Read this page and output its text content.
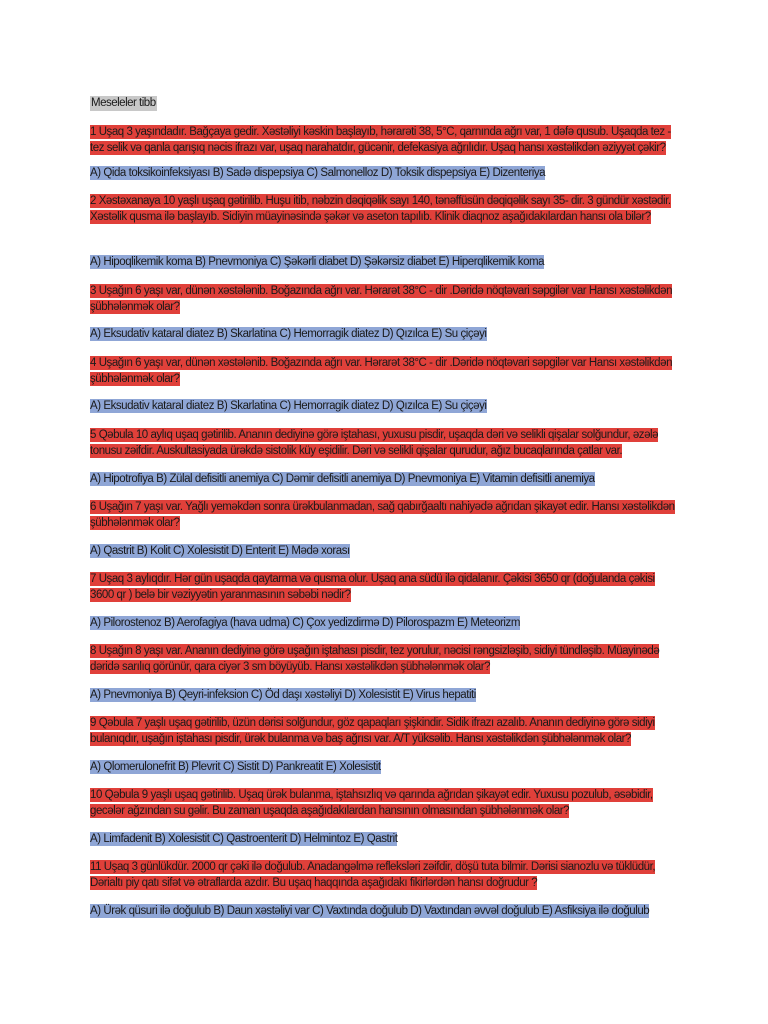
Meseleler tibb
1 Uşaq 3 yaşındadır. Bağçaya gedir. Xəstəliyi kəskin başlayıb, hərarəti 38, 5°C, qarnında ağrı var, 1 dəfə qusub. Uşaqda tez - tez selik və qanla qarışıq nəcis ifrazı var, uşaq narahatdır, gücənir, defekasiya ağrılıdır. Uşaq hansı xəstəlikdən əziyyət çəkir?
A) Qida toksikoinfeksiyası B) Sadə dispepsiya C) Salmonelloz D) Toksik dispepsiya E) Dizenteriya
2 Xəstəxanaya 10 yaşlı uşaq gətirilib. Huşu itib, nəbzin dəqiqəlik sayı 140, tənəffüsün dəqiqəlik sayı 35- dir. 3 gündür xəstədir. Xəstəlik qusma ilə başlayıb. Sidiyin müayinəsində şəkər və aseton tapılıb. Klinik diaqnoz aşağıdakılardan hansı ola bilər?
A) Hipoqlikemik koma B) Pnevmoniya C) Şəkərli diabet D) Şəkərsiz diabet E) Hiperqlikemik koma
3 Uşağın 6 yaşı var, dünən xəstələnib. Boğazında ağrı var. Hərarət 38°C - dir .Dəridə nöqtəvari səpgilər var Hansı xəstəlikdən şübhələnmək olar?
A) Eksudativ kataral diatez B) Skarlatina C) Hemorragik diatez D) Qızılca E) Su çiçəyi
4 Uşağın 6 yaşı var, dünən xəstələnib. Boğazında ağrı var. Hərarət 38°C - dir .Dəridə nöqtəvari səpgilər var Hansı xəstəlikdən şübhələnmək olar?
A) Eksudativ kataral diatez B) Skarlatina C) Hemorragik diatez D) Qızılca E) Su çiçəyi
5 Qəbula 10 aylıq uşaq gətirilib. Ananın dediyinə görə iştahası, yuxusu pisdir, uşaqda dəri və selikli qişalar solğundur, əzələ tonusu zəifdir. Auskultasiyada ürəkdə sistolik küy eşidilir. Dəri və selikli qişalar qurudur, ağız bucaqlarında çatlar var.
A) Hipotrofiya B) Zülal defisitli anemiya C) Dəmir defisitli anemiya D) Pnevmoniya E) Vitamin defisitli anemiya
6 Uşağın 7 yaşı var. Yağlı yeməkdən sonra ürəkbulanmadan, sağ qabırğaaltı nahiyədə ağrıdan şikayət edir. Hansı xəstəlikdən şübhələnmək olar?
A) Qastrit B) Kolit C) Xolesistit D) Enterit E) Mədə xorası
7 Uşaq 3 aylıqdır. Hər gün uşaqda qaytarma və qusma olur. Uşaq ana südü ilə qidalanır. Çəkisi 3650 qr (doğulanda çəkisi 3600 qr ) belə bir vəziyyətin yaranmasının səbəbi nədir?
A) Pilorostenoz B) Aerofagiya (hava udma) C) Çox yedizdirmə D) Pilorospazm E) Meteorizm
8 Uşağın 8 yaşı var. Ananın dediyinə görə uşağın iştahası pisdir, tez yorulur, nəcisi rəngsizləşib, sidiyi tündləşib. Müayinədə dəridə sarılıq görünür, qara ciyər 3 sm böyüyüb. Hansı xəstəlikdən şübhələnmək olar?
A) Pnevmoniya B) Qeyri-infeksion C) Öd daşı xəstəliyi D) Xolesistit E) Virus hepatiti
9 Qəbula 7 yaşlı uşaq gətirilib, üzün dərisi solğundur, göz qapaqları şişkindir. Sidik ifrazı azalıb. Ananın dediyinə görə sidiyi bulanıqdır, uşağın iştahası pisdir, ürək bulanma və baş ağrısı var. A/T yüksəlib. Hansı xəstəlikdən şübhələnmək olar?
A) Qlomerulonefrit B) Plevrit C) Sistit D) Pankreatit E) Xolesistit
10 Qəbula 9 yaşlı uşaq gətirilib. Uşaq ürək bulanma, iştahsızlıq və qarında ağrıdan şikayət edir. Yuxusu pozulub, əsəbidir, gecələr ağzından su gəlir. Bu zaman uşaqda aşağıdakılardan hansının olmasından şübhələnmək olar?
A) Limfadenit B) Xolesistit C) Qastroenterit D) Helmintoz E) Qastrit
11 Uşaq 3 günlükdür. 2000 qr çəki ilə doğulub. Anadangəlmə refleksləri zəifdir, döşü tuta bilmir. Dərisi sianozlu və tüklüdür, Dərialtı piy qatı sifət və ətraflarda azdır. Bu uşaq haqqında aşağıdakı fikirlərdən hansı doğrudur ?
A) Ürək qüsuri ilə doğulub B) Daun xəstəliyi var C) Vaxtında doğulub D) Vaxtından əvvəl doğulub E) Asfiksiya ilə doğulub
